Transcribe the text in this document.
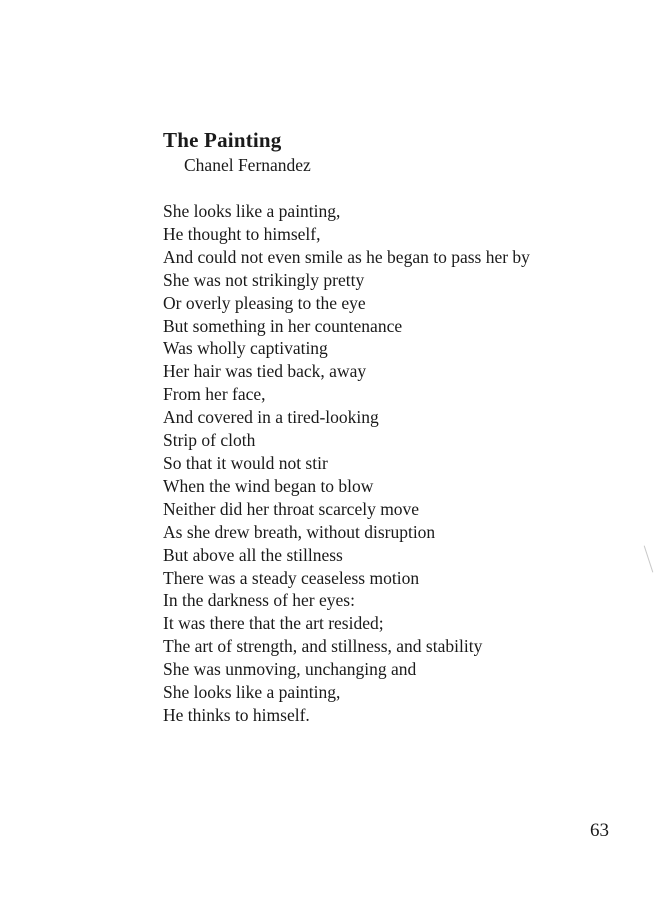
The Painting

Chanel Fernandez

She looks like a painting,
He thought to himself,
And could not even smile as he began to pass her by
She was not strikingly pretty
Or overly pleasing to the eye
But something in her countenance
Was wholly captivating
Her hair was tied back, away
From her face,
And covered in a tired-looking
Strip of cloth
So that it would not stir
When the wind began to blow
Neither did her throat scarcely move
As she drew breath, without disruption
But above all the stillness
There was a steady ceaseless motion
In the darkness of her eyes:
It was there that the art resided;
The art of strength, and stillness, and stability
She was unmoving, unchanging and
She looks like a painting,
He thinks to himself.

63
